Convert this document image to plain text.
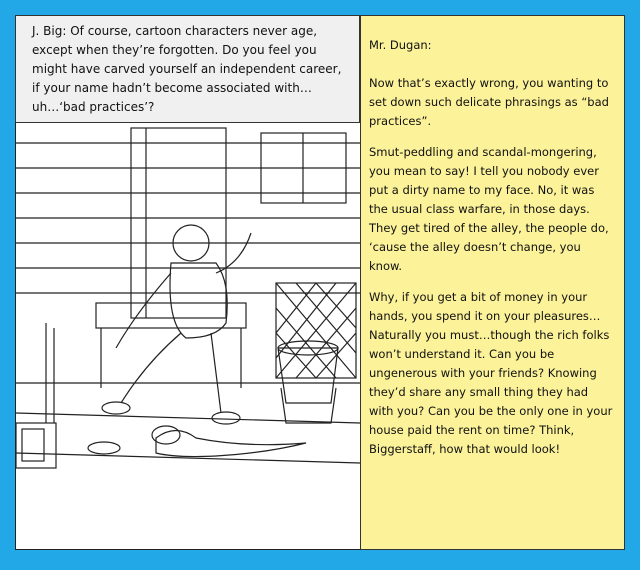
J. Big: Of course, cartoon characters never age, except when they’re forgotten. Do you feel you might have carved yourself an independent career, if your name hadn’t become associated with…uh…‘bad practices’?

Mr. Dugan:

Now that’s exactly wrong, you wanting to set down such delicate phrasings as “bad practices”.

Smut-peddling and scandal-mongering, you mean to say! I tell you nobody ever put a dirty name to my face. No, it was the usual class warfare, in those days. They get tired of the alley, the people do, ‘cause the alley doesn’t change, you know.

Why, if you get a bit of money in your hands, you spend it on your pleasures… Naturally you must…though the rich folks won’t understand it. Can you be ungenerous with your friends? Knowing they’d share any small thing they had with you? Can you be the only one in your house paid the rent on time? Think, Biggerstaff, how that would look!
